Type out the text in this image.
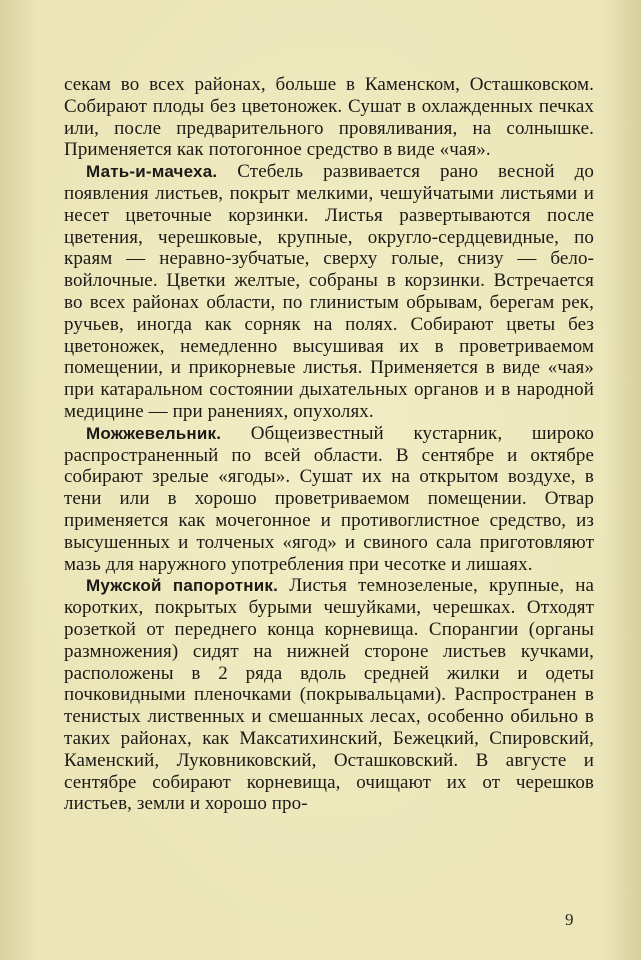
секам во всех районах, больше в Каменском, Осташковском. Собирают плоды без цветоножек. Сушат в охлажденных печках или, после предварительного провяливания, на солнышке. Применяется как потогонное средство в виде «чая».

Мать-и-мачеха. Стебель развивается рано весной до появления листьев, покрыт мелкими, чешуйчатыми листьями и несет цветочные корзинки. Листья развертываются после цветения, черешковые, крупные, округло-сердцевидные, по краям — неравно-зубчатые, сверху голые, снизу — бело-войлочные. Цветки желтые, собраны в корзинки. Встречается во всех районах области, по глинистым обрывам, берегам рек, ручьев, иногда как сорняк на полях. Собирают цветы без цветоножек, немедленно высушивая их в проветриваемом помещении, и прикорневые листья. Применяется в виде «чая» при катаральном состоянии дыхательных органов и в народной медицине — при ранениях, опухолях.

Можжевельник. Общеизвестный кустарник, широко распространенный по всей области. В сентябре и октябре собирают зрелые «ягоды». Сушат их на открытом воздухе, в тени или в хорошо проветриваемом помещении. Отвар применяется как мочегонное и противоглистное средство, из высушенных и толченых «ягод» и свиного сала приготовляют мазь для наружного употребления при чесотке и лишаях.

Мужской папоротник. Листья темнозеленые, крупные, на коротких, покрытых бурыми чешуйками, черешках. Отходят розеткой от переднего конца корневища. Спорангии (органы размножения) сидят на нижней стороне листьев кучками, расположены в 2 ряда вдоль средней жилки и одеты почковидными пленочками (покрывальцами). Распространен в тенистых лиственных и смешанных лесах, особенно обильно в таких районах, как Максатихинский, Бежецкий, Спировский, Каменский, Луковниковский, Осташковский. В августе и сентябре собирают корневища, очищают их от черешков листьев, земли и хорошо про-

9
